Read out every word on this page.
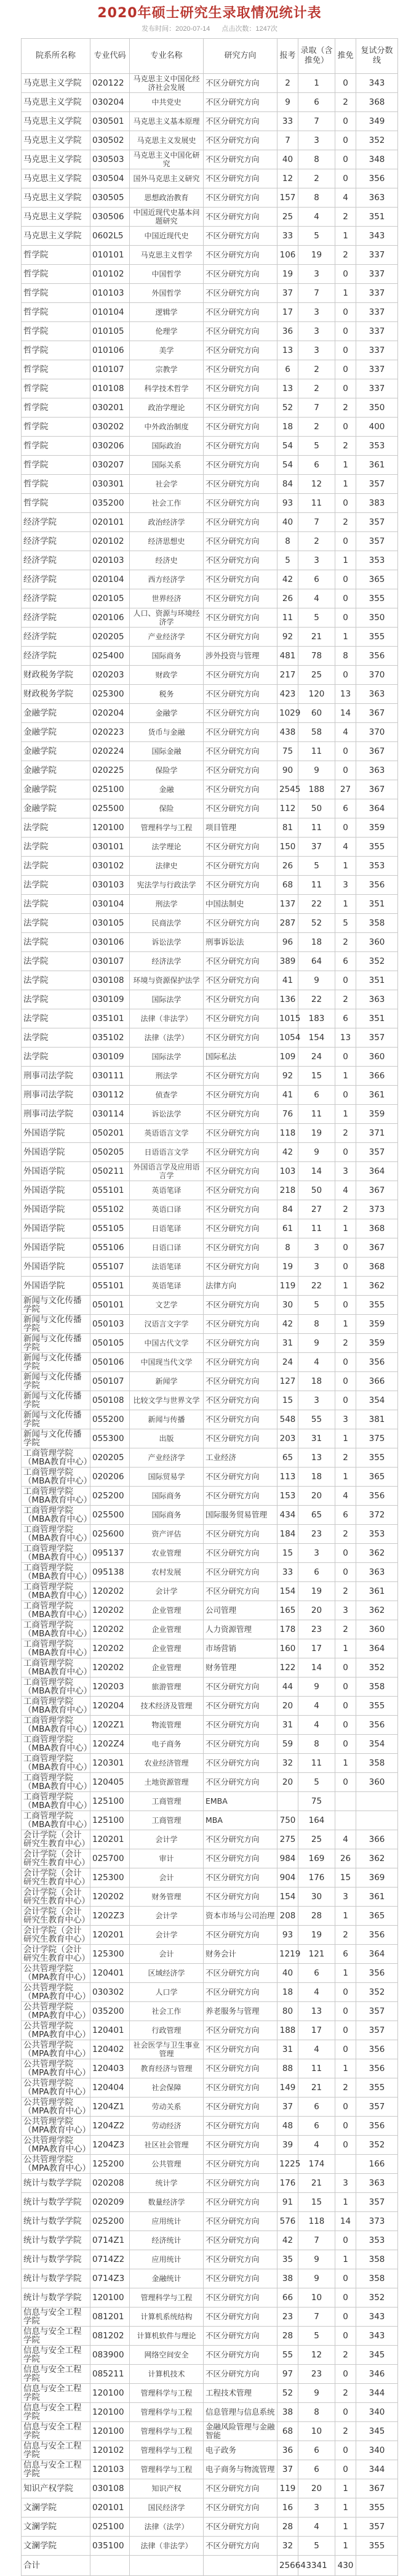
2020年硕士研究生录取情况统计表
发布时间：2020-07-14 点击次数：1247次
院系所名称	专业代码	专业名称	研究方向	报考	录取（含推免）	推免	复试分数线
马克思主义学院	020122	马克思主义中国化经济社会发展	不区分研究方向	2	1	0	343
马克思主义学院	030204	中共党史	不区分研究方向	9	6	2	368
马克思主义学院	030501	马克思主义基本原理	不区分研究方向	33	7	0	349
马克思主义学院	030502	马克思主义发展史	不区分研究方向	7	3	0	352
马克思主义学院	030503	马克思主义中国化研究	不区分研究方向	40	8	0	348
马克思主义学院	030504	国外马克思主义研究	不区分研究方向	12	2	0	356
马克思主义学院	030505	思想政治教育	不区分研究方向	157	8	4	363
马克思主义学院	030506	中国近现代史基本问题研究	不区分研究方向	25	4	2	351
马克思主义学院	0602L5	中国近现代史	不区分研究方向	33	5	1	343
哲学院	010101	马克思主义哲学	不区分研究方向	106	19	2	337
哲学院	010102	中国哲学	不区分研究方向	19	3	0	337
哲学院	010103	外国哲学	不区分研究方向	37	7	1	337
哲学院	010104	逻辑学	不区分研究方向	17	3	0	337
哲学院	010105	伦理学	不区分研究方向	36	3	0	337
哲学院	010106	美学	不区分研究方向	13	3	0	337
哲学院	010107	宗教学	不区分研究方向	6	2	0	337
哲学院	010108	科学技术哲学	不区分研究方向	13	2	0	337
哲学院	030201	政治学理论	不区分研究方向	52	7	2	350
哲学院	030202	中外政治制度	不区分研究方向	18	2	0	400
哲学院	030206	国际政治	不区分研究方向	54	5	2	353
哲学院	030207	国际关系	不区分研究方向	54	6	1	361
哲学院	030301	社会学	不区分研究方向	84	12	1	357
哲学院	035200	社会工作	不区分研究方向	93	11	0	383
经济学院	020101	政治经济学	不区分研究方向	40	7	2	357
经济学院	020102	经济思想史	不区分研究方向	8	2	0	357
经济学院	020103	经济史	不区分研究方向	5	3	1	353
经济学院	020104	西方经济学	不区分研究方向	42	6	0	365
经济学院	020105	世界经济	不区分研究方向	26	4	0	355
经济学院	020106	人口、资源与环境经济学	不区分研究方向	11	5	0	350
经济学院	020205	产业经济学	不区分研究方向	92	21	1	355
经济学院	025400	国际商务	涉外投资与管理	481	78	8	356
财政税务学院	020203	财政学	不区分研究方向	217	25	0	370
财政税务学院	025300	税务	不区分研究方向	423	120	13	363
金融学院	020204	金融学	不区分研究方向	1029	60	14	367
金融学院	020223	货币与金融	不区分研究方向	438	58	4	370
金融学院	020224	国际金融	不区分研究方向	75	11	0	367
金融学院	020225	保险学	不区分研究方向	90	9	0	363
金融学院	025100	金融	不区分研究方向	2545	188	27	367
金融学院	025500	保险	不区分研究方向	112	50	6	364
法学院	120100	管理科学与工程	项目管理	81	11	0	359
法学院	030101	法学理论	不区分研究方向	150	37	4	355
法学院	030102	法律史	不区分研究方向	26	5	1	353
法学院	030103	宪法学与行政法学	不区分研究方向	68	11	3	356
法学院	030104	刑法学	中国法制史	137	22	1	351
法学院	030105	民商法学	不区分研究方向	287	52	5	358
法学院	030106	诉讼法学	刑事诉讼法	96	18	2	360
法学院	030107	经济法学	不区分研究方向	389	64	6	352
法学院	030108	环境与资源保护法学	不区分研究方向	41	9	0	351
法学院	030109	国际法学	不区分研究方向	136	22	2	363
法学院	035101	法律（非法学）	不区分研究方向	1015	183	6	351
法学院	035102	法律（法学）	不区分研究方向	1054	154	13	357
法学院	030109	国际法学	国际私法	109	24	0	360
刑事司法学院	030111	刑法学	不区分研究方向	92	15	1	366
刑事司法学院	030112	侦查学	不区分研究方向	41	6	0	361
刑事司法学院	030114	诉讼法学	不区分研究方向	76	11	1	359
外国语学院	050201	英语语言文学	不区分研究方向	118	19	2	371
外国语学院	050205	日语语言文学	不区分研究方向	42	9	0	357
外国语学院	050211	外国语言学及应用语言学	不区分研究方向	103	14	3	364
外国语学院	055101	英语笔译	不区分研究方向	218	50	4	367
外国语学院	055102	英语口译	不区分研究方向	84	27	2	373
外国语学院	055105	日语笔译	不区分研究方向	61	11	1	368
外国语学院	055106	日语口译	不区分研究方向	8	3	0	367
外国语学院	055107	法语笔译	不区分研究方向	19	3	0	368
外国语学院	055101	英语笔译	法律方向	119	22	1	362
新闻与文化传播学院	050101	文艺学	不区分研究方向	30	5	0	355
新闻与文化传播学院	050103	汉语言文字学	不区分研究方向	42	8	1	359
新闻与文化传播学院	050105	中国古代文学	不区分研究方向	31	9	2	359
新闻与文化传播学院	050106	中国现当代文学	不区分研究方向	24	4	0	356
新闻与文化传播学院	050107	新闻学	不区分研究方向	127	18	0	366
新闻与文化传播学院	050108	比较文学与世界文学	不区分研究方向	15	3	0	354
新闻与文化传播学院	055200	新闻与传播	不区分研究方向	548	55	3	381
新闻与文化传播学院	055300	出版	不区分研究方向	203	31	1	375
工商管理学院（MBA教育中心）	020205	产业经济学	工业经济	65	13	2	355
工商管理学院（MBA教育中心）	020206	国际贸易学	不区分研究方向	113	18	1	365
工商管理学院（MBA教育中心）	025200	国际商务	不区分研究方向	153	20	4	356
工商管理学院（MBA教育中心）	025500	国际商务	国际服务贸易管理	434	65	6	372
工商管理学院（MBA教育中心）	025600	资产评估	不区分研究方向	184	23	2	353
工商管理学院（MBA教育中心）	095137	农业管理	不区分研究方向	15	3	0	362
工商管理学院（MBA教育中心）	095138	农村发展	不区分研究方向	33	6	0	363
工商管理学院（MBA教育中心）	120202	会计学	不区分研究方向	154	19	2	361
工商管理学院（MBA教育中心）	120202	企业管理	公司管理	165	20	3	362
工商管理学院（MBA教育中心）	120202	企业管理	人力资源管理	178	23	2	360
工商管理学院（MBA教育中心）	120202	企业管理	市场营销	160	17	1	364
工商管理学院（MBA教育中心）	120202	企业管理	财务管理	122	14	0	352
工商管理学院（MBA教育中心）	120203	旅游管理	不区分研究方向	44	9	0	358
工商管理学院（MBA教育中心）	120204	技术经济及管理	不区分研究方向	20	4	0	355
工商管理学院（MBA教育中心）	1202Z1	物流管理	不区分研究方向	31	4	0	356
工商管理学院（MBA教育中心）	1202Z4	电子商务	不区分研究方向	59	8	0	354
工商管理学院（MBA教育中心）	120301	农业经济管理	不区分研究方向	32	11	1	358
工商管理学院（MBA教育中心）	120405	土地资源管理	不区分研究方向	20	5	0	360
工商管理学院（MBA教育中心）	125100	工商管理	EMBA		75		
工商管理学院（MBA教育中心）	125100	工商管理	MBA	750	164		
会计学院（会计研究生教育中心）	120201	会计学	不区分研究方向	275	25	4	366
会计学院（会计研究生教育中心）	025700	审计	不区分研究方向	984	169	26	362
会计学院（会计研究生教育中心）	125300	会计	不区分研究方向	904	176	15	369
会计学院（会计研究生教育中心）	120202	财务管理	不区分研究方向	154	30	3	361
会计学院（会计研究生教育中心）	1202Z3	会计学	资本市场与公司治理	208	28	1	365
会计学院（会计研究生教育中心）	120201	会计学	不区分研究方向	93	19	2	356
会计学院（会计研究生教育中心）	125300	会计	财务会计	1219	121	6	364
公共管理学院（MPA教育中心）	120401	区域经济学	不区分研究方向	40	6	1	356
公共管理学院（MPA教育中心）	030302	人口学	不区分研究方向	18	4	0	352
公共管理学院（MPA教育中心）	035200	社会工作	养老服务与管理	80	13	0	357
公共管理学院（MPA教育中心）	120401	行政管理	不区分研究方向	188	17	0	357
公共管理学院（MPA教育中心）	120402	社会医学与卫生事业管理	不区分研究方向	31	4	0	356
公共管理学院（MPA教育中心）	120403	教育经济与管理	不区分研究方向	88	11	1	356
公共管理学院（MPA教育中心）	120404	社会保障	不区分研究方向	149	21	2	355
公共管理学院（MPA教育中心）	1204Z1	劳动关系	不区分研究方向	37	6	0	357
公共管理学院（MPA教育中心）	1204Z2	劳动经济	不区分研究方向	48	6	0	356
公共管理学院（MPA教育中心）	1204Z3	社区社会管理	不区分研究方向	39	4	0	352
公共管理学院（MPA教育中心）	125200	公共管理	不区分研究方向	1225	174		166
统计与数学学院	020208	统计学	不区分研究方向	176	21	3	363
统计与数学学院	020209	数量经济学	不区分研究方向	91	15	1	357
统计与数学学院	025200	应用统计	不区分研究方向	576	118	14	373
统计与数学学院	0714Z1	经济统计	不区分研究方向	42	7	0	353
统计与数学学院	0714Z2	应用统计	不区分研究方向	35	9	1	358
统计与数学学院	0714Z3	金融统计	不区分研究方向	38	9	0	358
统计与数学学院	120100	管理科学与工程	不区分研究方向	66	10	0	352
信息与安全工程学院	081201	计算机系统结构	不区分研究方向	23	7	0	343
信息与安全工程学院	081202	计算机软件与理论	不区分研究方向	28	5	0	343
信息与安全工程学院	083900	网络空间安全	不区分研究方向	55	12	2	345
信息与安全工程学院	085211	计算机技术	不区分研究方向	97	23	0	346
信息与安全工程学院	120100	管理科学与工程	工程技术管理	52	9	2	344
信息与安全工程学院	120100	管理科学与工程	信息管理与信息系统	38	8	0	340
信息与安全工程学院	120100	管理科学与工程	金融风险管理与金融智能	68	10	2	345
信息与安全工程学院	120102	管理科学与工程	电子政务	36	6	0	340
信息与安全工程学院	120103	管理科学与工程	电子商务与物流管理	37	6	0	344
知识产权学院	030108	知识产权	不区分研究方向	119	20	1	367
文澜学院	020101	国民经济学	不区分研究方向	16	3	1	355
文澜学院	025100	法律（法学）	不区分研究方向	28	4	1	357
文澜学院	035100	法律（非法学）	不区分研究方向	32	5	1	355
合计				25664	3341	430	
